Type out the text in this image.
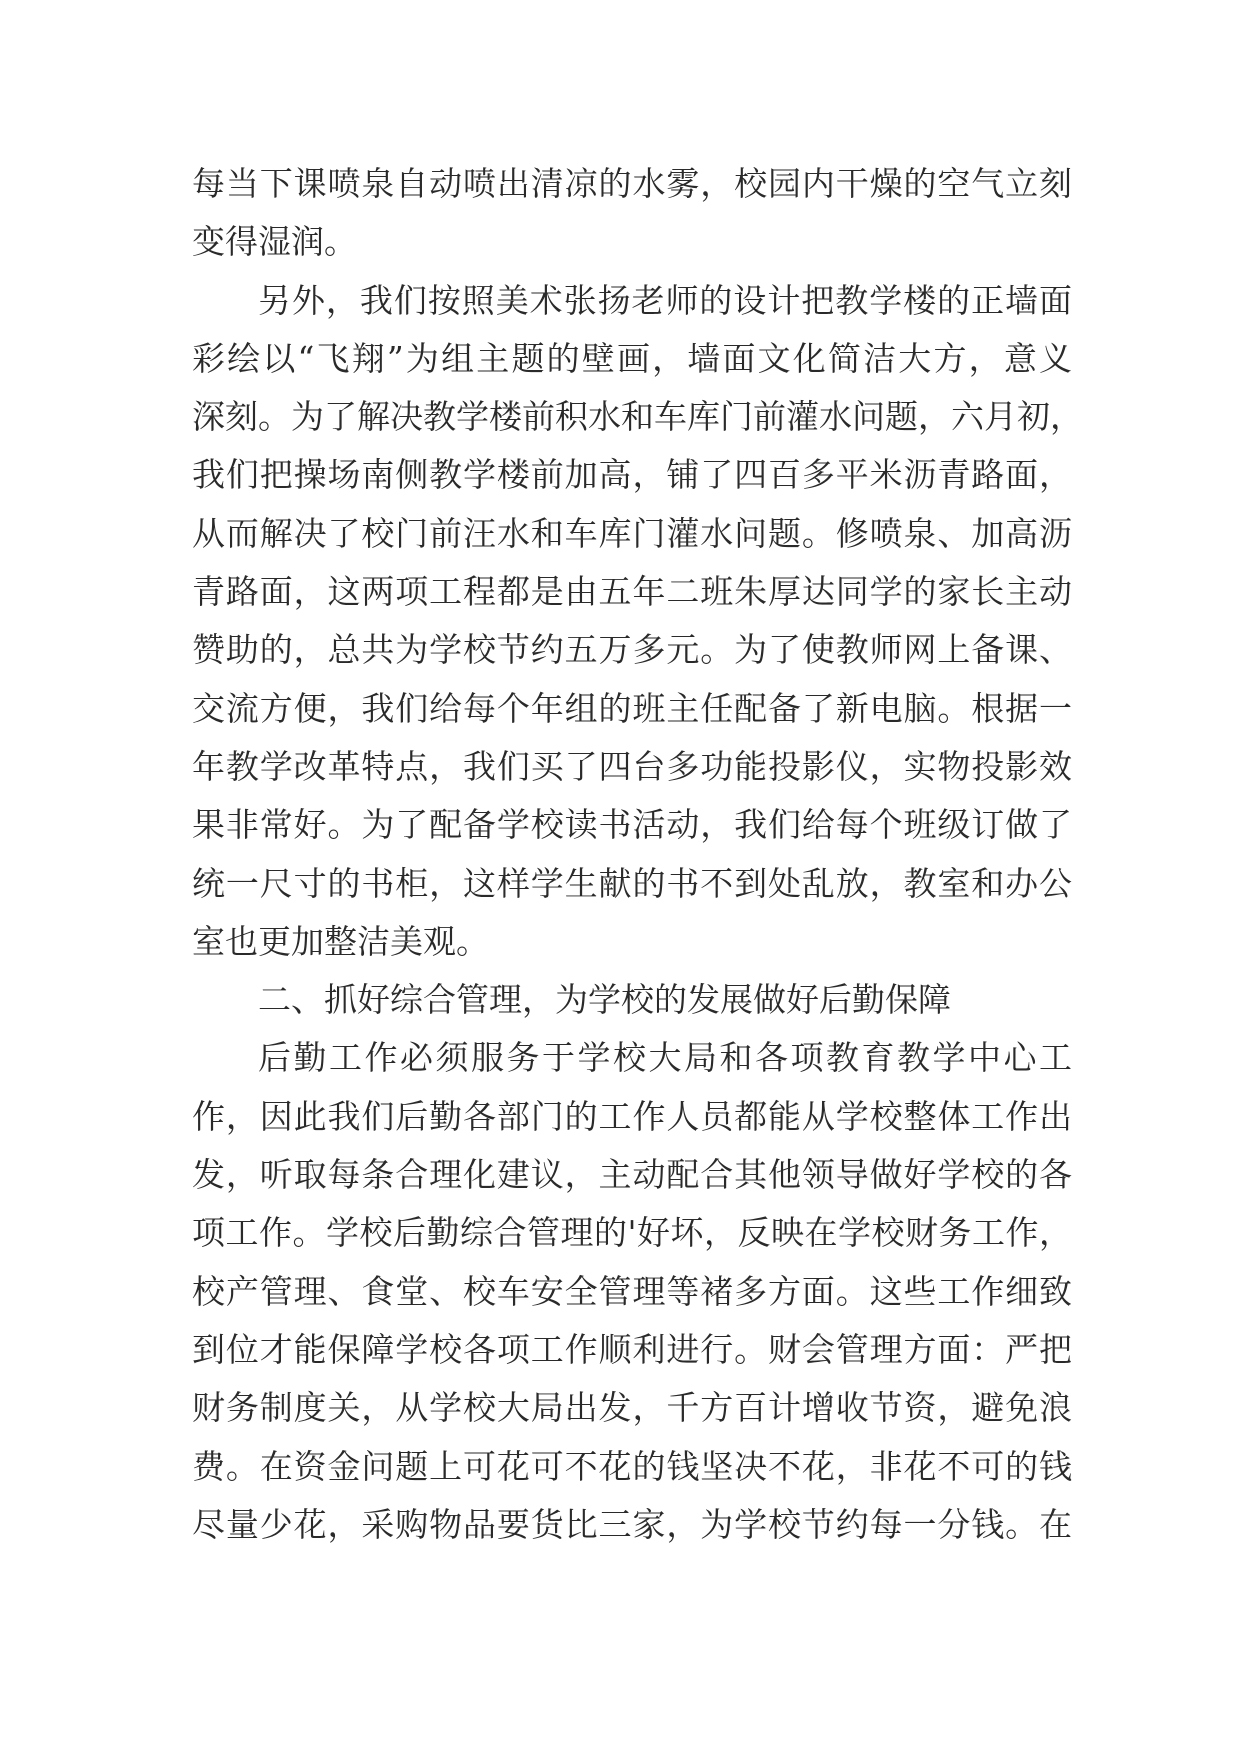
每当下课喷泉自动喷出清凉的水雾，校园内干燥的空气立刻
变得湿润。
另外，我们按照美术张扬老师的设计把教学楼的正墙面
彩绘以“飞翔”为组主题的壁画，墙面文化简洁大方，意义
深刻。为了解决教学楼前积水和车库门前灌水问题，六月初，
我们把操场南侧教学楼前加高，铺了四百多平米沥青路面，
从而解决了校门前汪水和车库门灌水问题。修喷泉、加高沥
青路面，这两项工程都是由五年二班朱厚达同学的家长主动
赞助的，总共为学校节约五万多元。为了使教师网上备课、
交流方便，我们给每个年组的班主任配备了新电脑。根据一
年教学改革特点，我们买了四台多功能投影仪，实物投影效
果非常好。为了配备学校读书活动，我们给每个班级订做了
统一尺寸的书柜，这样学生献的书不到处乱放，教室和办公
室也更加整洁美观。
二、抓好综合管理，为学校的发展做好后勤保障
后勤工作必须服务于学校大局和各项教育教学中心工
作，因此我们后勤各部门的工作人员都能从学校整体工作出
发，听取每条合理化建议，主动配合其他领导做好学校的各
项工作。学校后勤综合管理的'好坏，反映在学校财务工作，
校产管理、食堂、校车安全管理等褚多方面。这些工作细致
到位才能保障学校各项工作顺利进行。财会管理方面：严把
财务制度关，从学校大局出发，千方百计增收节资，避免浪
费。在资金问题上可花可不花的钱坚决不花，非花不可的钱
尽量少花，采购物品要货比三家，为学校节约每一分钱。在
